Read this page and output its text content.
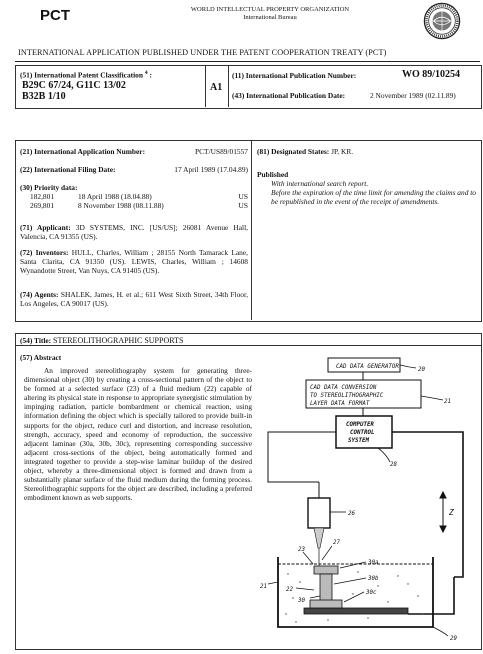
PCT	WORLD INTELLECTUAL PROPERTY ORGANIZATION
International Bureau
INTERNATIONAL APPLICATION PUBLISHED UNDER THE PATENT COOPERATION TREATY (PCT)
(51) International Patent Classification $^4$ :
B29C 67/24, G11C 13/02
B32B 1/10
A1
(11) International Publication Number:	WO 89/10254
(43) International Publication Date:	2 November 1989 (02.11.89)
(21) International Application Number:	PCT/US89/01557
(22) International Filing Date:	17 April 1989 (17.04.89)
(30) Priority data:
182,801	18 April 1988 (18.04.88)	US
269,801	8 November 1988 (08.11.88)	US
(71) Applicant: 3D SYSTEMS, INC. [US/US]; 26081 Avenue Hall, Valencia, CA 91355 (US).
(72) Inventors: HULL, Charles, William ; 28155 North Tamarack Lane, Santa Clarita, CA 91350 (US). LEWIS, Charles, William ; 14608 Wynandotte Street, Van Nuys, CA 91405 (US).
(74) Agents: SHALEK, James, H. et al.; 611 West Sixth Street, 34th Floor, Los Angeles, CA 90017 (US).
(81) Designated States: JP, KR.
Published
With international search report.
Before the expiration of the time limit for amending the claims and to be republished in the event of the receipt of amendments.
(54) Title: STEREOLITHOGRAPHIC SUPPORTS
(57) Abstract
An improved stereolithography system for generating three-dimensional object (30) by creating a cross-sectional pattern of the object to be formed at a selected surface (23) of a fluid medium (22) capable of altering its physical state in response to appropriate synergistic stimulation by impinging radiation, particle bombardment or chemical reaction, using information defining the object which is specially tailored to provide built-in supports for the object, reduce curl and distortion, and increase resolution, strength, accuracy, speed and economy of reproduction, the successive adjacent laminae (30a, 30b, 30c), representing corresponding successive adjacent cross-sections of the object, being automatically formed and integrated together to provide a step-wise laminar buildup of the desired object, whereby a three-dimensional object is formed and drawn from a substantially planar surface of the fluid medium during the forming process. Stereolithographic supports for the object are described, including a preferred embodiment known as web supports.
CAD DATA GENERATOR	20
CAD DATA CONVERSION
TO STEREOLITHOGRAPHIC
LAYER DATA FORMAT	21
COMPUTER
CONTROL
SYSTEM
28
26
27
Z
23
21	22
30
30a
30b
30c
29
